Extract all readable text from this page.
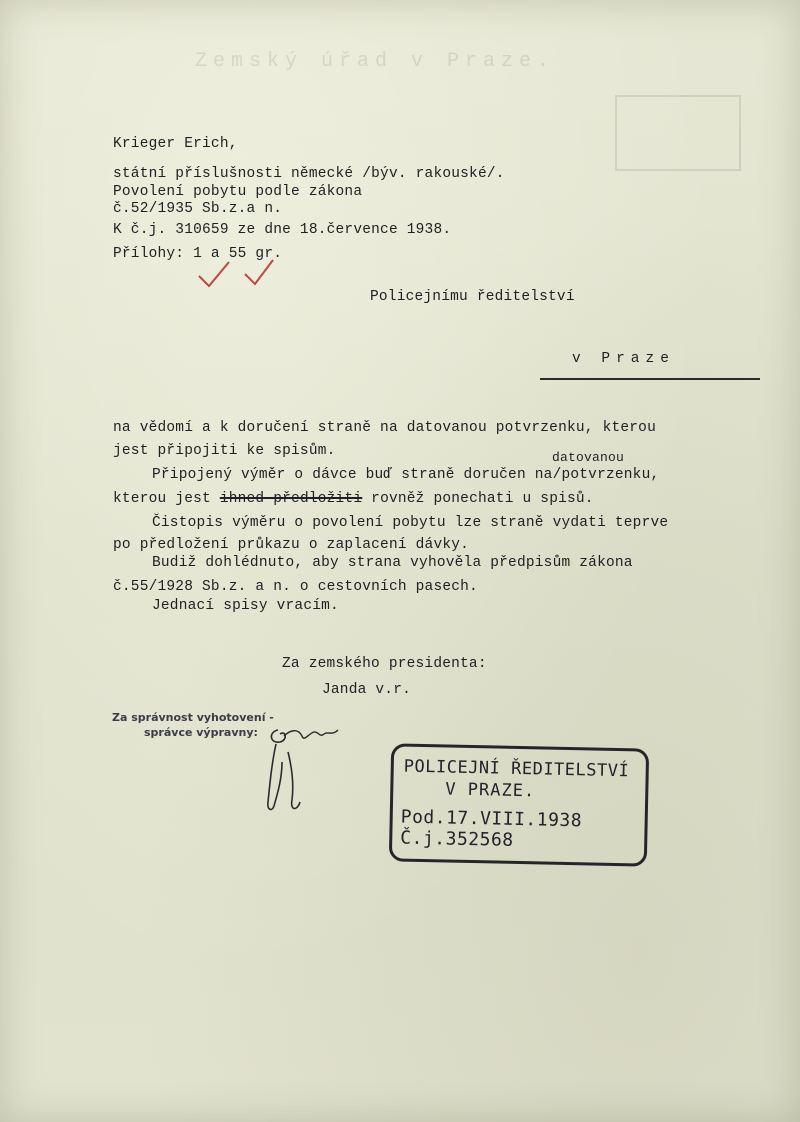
Zemský úřad v Praze.
Krieger Erich,
státní příslušnosti německé /býv. rakouské/.
Povolení pobytu podle zákona
č.52/1935 Sb.z.a n.
K č.j. 310659 ze dne 18.července 1938.
Přílohy: 1 a 55 gr.
Policejnímu ředitelství
v Praze
na vědomí a k doručení straně na datovanou potvrzenku, kterou
jest připojiti ke spisům.	datovanou
Připojený výměr o dávce buď straně doručen na/potvrzenku,
kterou jest ihned předložiti rovněž ponechati u spisů.
Čistopis výměru o povolení pobytu lze straně vydati teprve
po předložení průkazu o zaplacení dávky.
Budiž dohlédnuto, aby strana vyhověla předpisům zákona
č.55/1928 Sb.z. a n. o cestovních pasech.
Jednací spisy vracím.
Za zemského presidenta:
Janda v.r.
Za správnost vyhotovení -
správce výpravny:
POLICEJNÍ ŘEDITELSTVÍ
V PRAZE.
Pod.17.VIII.1938 Č.j.352568
